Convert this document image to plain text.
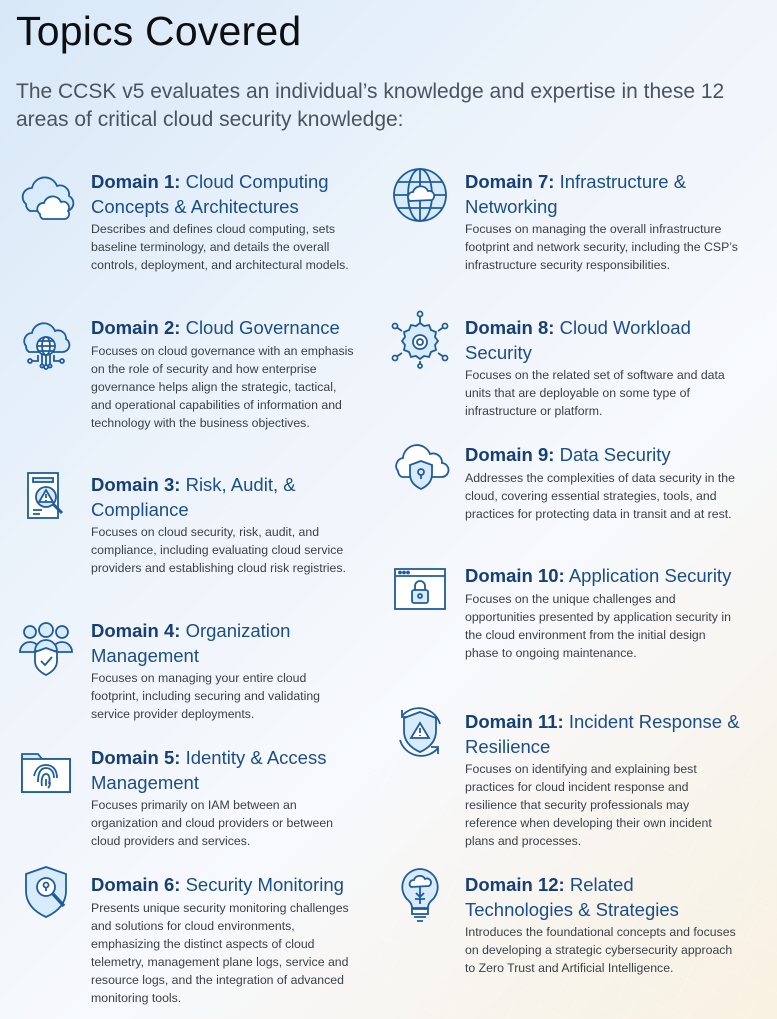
Topics Covered

The CCSK v5 evaluates an individual’s knowledge and expertise in these 12 areas of critical cloud security knowledge:

Domain 1: Cloud Computing Concepts & Architectures

Describes and defines cloud computing, sets baseline terminology, and details the overall controls, deployment, and architectural models.

Domain 2: Cloud Governance

Focuses on cloud governance with an emphasis on the role of security and how enterprise governance helps align the strategic, tactical, and operational capabilities of information and technology with the business objectives.

Domain 3: Risk, Audit, & Compliance

Focuses on cloud security, risk, audit, and compliance, including evaluating cloud service providers and establishing cloud risk registries.

Domain 4: Organization Management

Focuses on managing your entire cloud footprint, including securing and validating service provider deployments.

Domain 5: Identity & Access Management

Focuses primarily on IAM between an organization and cloud providers or between cloud providers and services.

Domain 6: Security Monitoring

Presents unique security monitoring challenges and solutions for cloud environments, emphasizing the distinct aspects of cloud telemetry, management plane logs, service and resource logs, and the integration of advanced monitoring tools.

Domain 7: Infrastructure & Networking

Focuses on managing the overall infrastructure footprint and network security, including the CSP’s infrastructure security responsibilities.

Domain 8: Cloud Workload Security

Focuses on the related set of software and data units that are deployable on some type of infrastructure or platform.

Domain 9: Data Security

Addresses the complexities of data security in the cloud, covering essential strategies, tools, and practices for protecting data in transit and at rest.

Domain 10: Application Security

Focuses on the unique challenges and opportunities presented by application security in the cloud environment from the initial design phase to ongoing maintenance.

Domain 11: Incident Response & Resilience

Focuses on identifying and explaining best practices for cloud incident response and resilience that security professionals may reference when developing their own incident plans and processes.

Domain 12: Related Technologies & Strategies

Introduces the foundational concepts and focuses on developing a strategic cybersecurity approach to Zero Trust and Artificial Intelligence.
